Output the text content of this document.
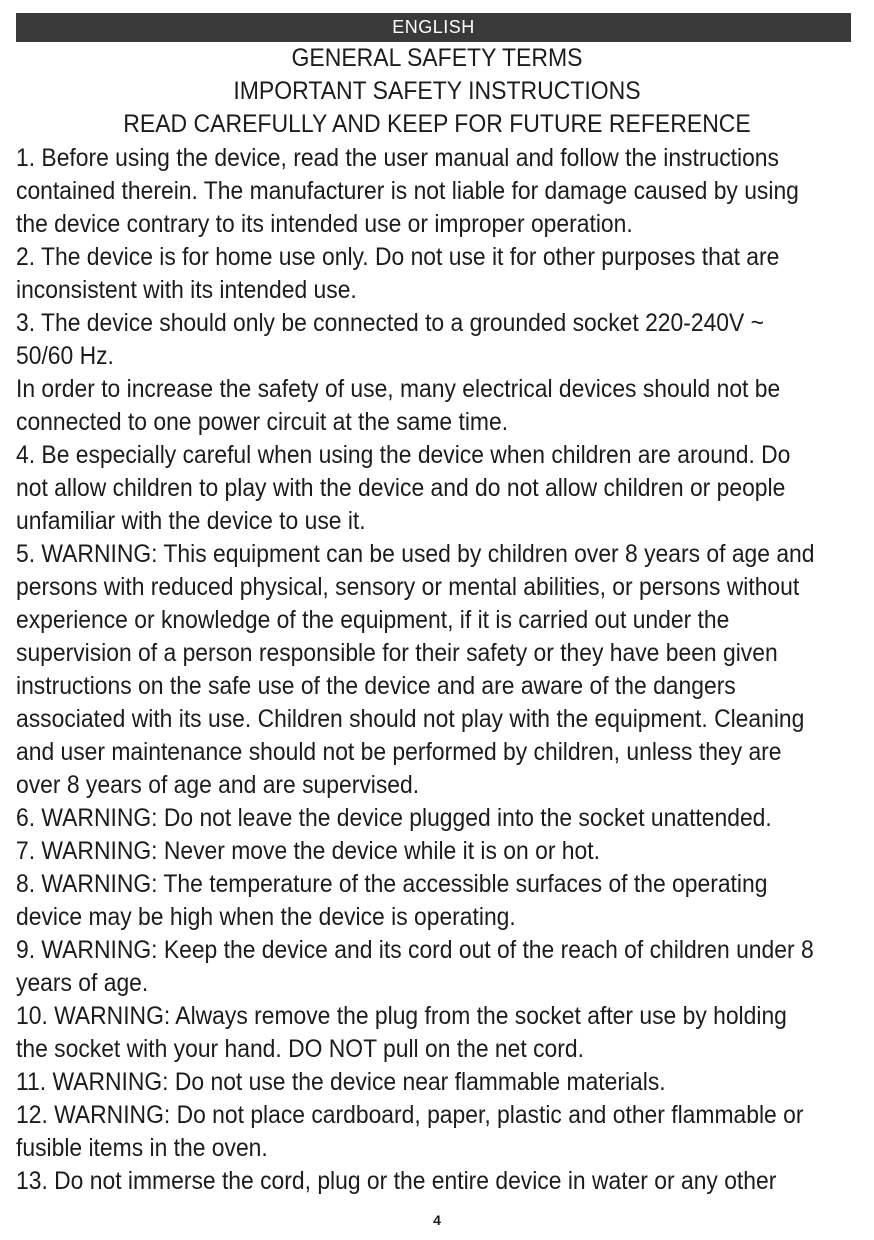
ENGLISH
GENERAL SAFETY TERMS
IMPORTANT SAFETY INSTRUCTIONS
READ CAREFULLY AND KEEP FOR FUTURE REFERENCE
1. Before using the device, read the user manual and follow the instructions
contained therein. The manufacturer is not liable for damage caused by using
the device contrary to its intended use or improper operation.
2. The device is for home use only. Do not use it for other purposes that are
inconsistent with its intended use.
3. The device should only be connected to a grounded socket 220-240V ~
50/60 Hz.
In order to increase the safety of use, many electrical devices should not be
connected to one power circuit at the same time.
4. Be especially careful when using the device when children are around. Do
not allow children to play with the device and do not allow children or people
unfamiliar with the device to use it.
5. WARNING: This equipment can be used by children over 8 years of age and
persons with reduced physical, sensory or mental abilities, or persons without
experience or knowledge of the equipment, if it is carried out under the
supervision of a person responsible for their safety or they have been given
instructions on the safe use of the device and are aware of the dangers
associated with its use. Children should not play with the equipment. Cleaning
and user maintenance should not be performed by children, unless they are
over 8 years of age and are supervised.
6. WARNING: Do not leave the device plugged into the socket unattended.
7. WARNING: Never move the device while it is on or hot.
8. WARNING: The temperature of the accessible surfaces of the operating
device may be high when the device is operating.
9. WARNING: Keep the device and its cord out of the reach of children under 8
years of age.
10. WARNING: Always remove the plug from the socket after use by holding
the socket with your hand. DO NOT pull on the net cord.
11. WARNING: Do not use the device near flammable materials.
12. WARNING: Do not place cardboard, paper, plastic and other flammable or
fusible items in the oven.
13. Do not immerse the cord, plug or the entire device in water or any other
4
